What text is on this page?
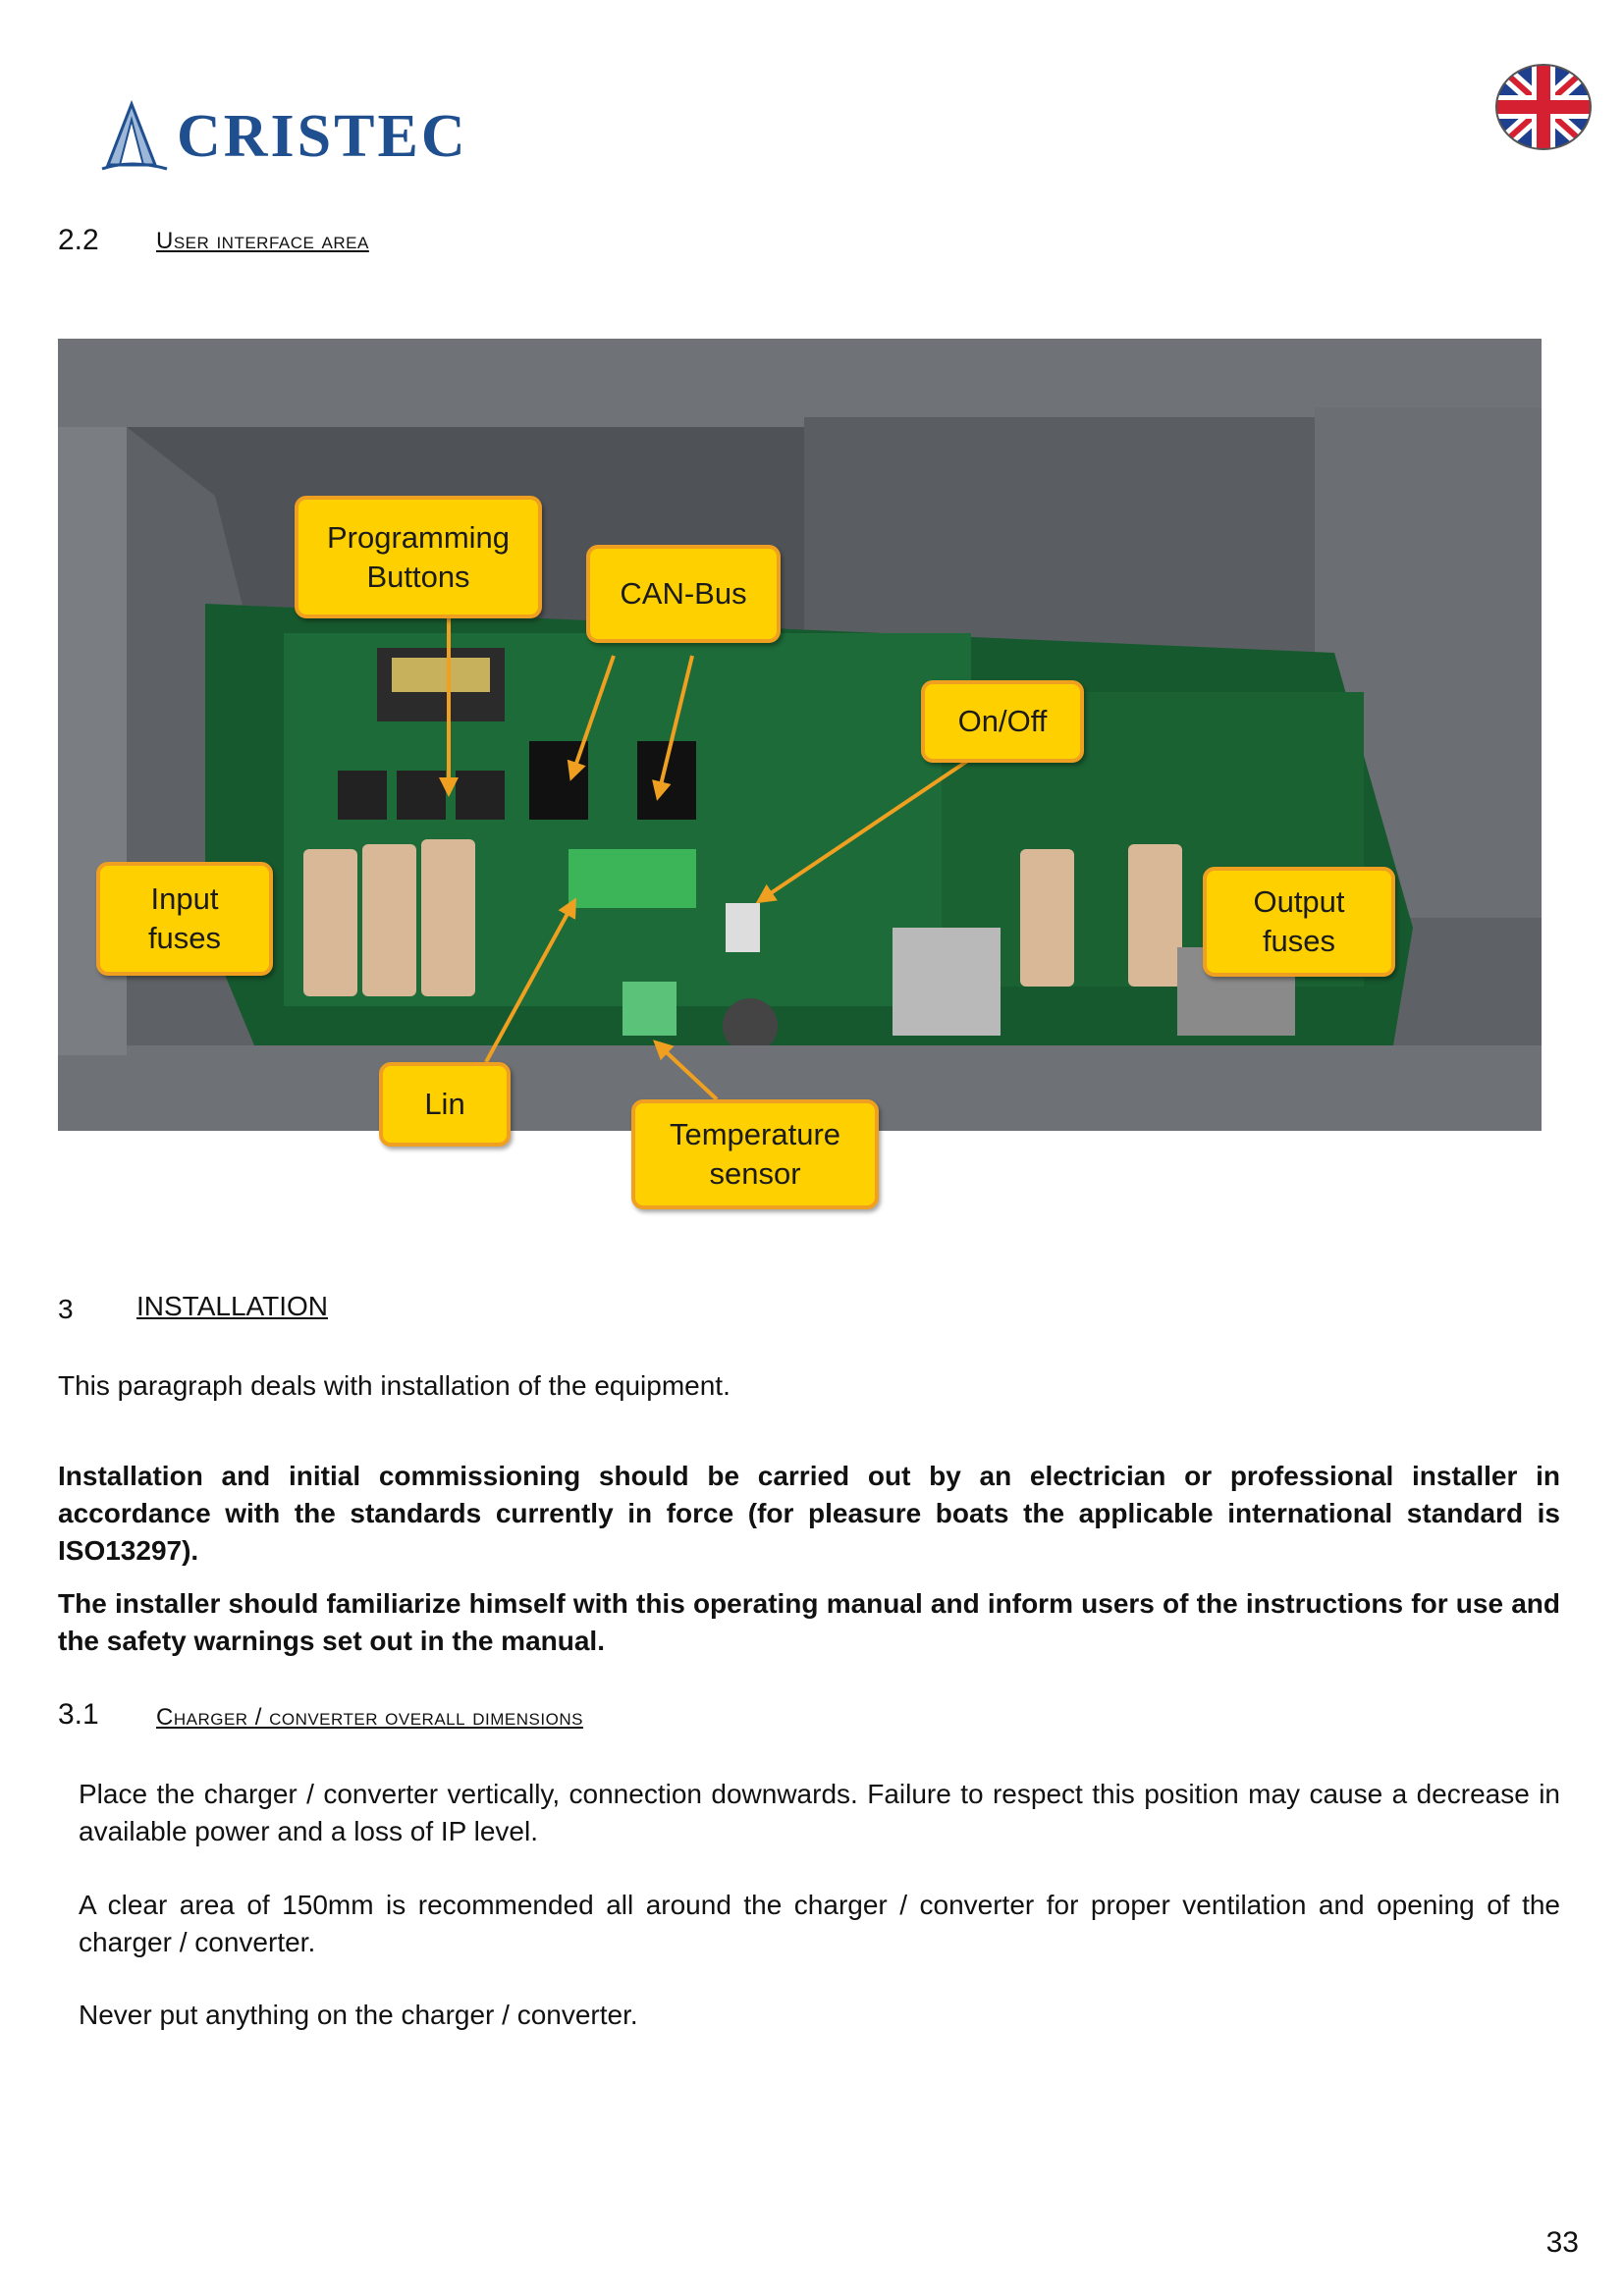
CRISTEC
2.2 User interface area
Programming
Buttons	CAN-Bus
On/Off
Input
fuses
Output
fuses
Lin
Temperature
sensor
3 INSTALLATION
This paragraph deals with installation of the equipment.
Installation and initial commissioning should be carried out by an electrician or professional installer in accordance with the standards currently in force (for pleasure boats the applicable international standard is ISO13297).
The installer should familiarize himself with this operating manual and inform users of the instructions for use and the safety warnings set out in the manual.
3.1 Charger / converter overall dimensions
Place the charger / converter vertically, connection downwards. Failure to respect this position may cause a decrease in available power and a loss of IP level.
A clear area of 150mm is recommended all around the charger / converter for proper ventilation and opening of the charger / converter.
Never put anything on the charger / converter.
33
